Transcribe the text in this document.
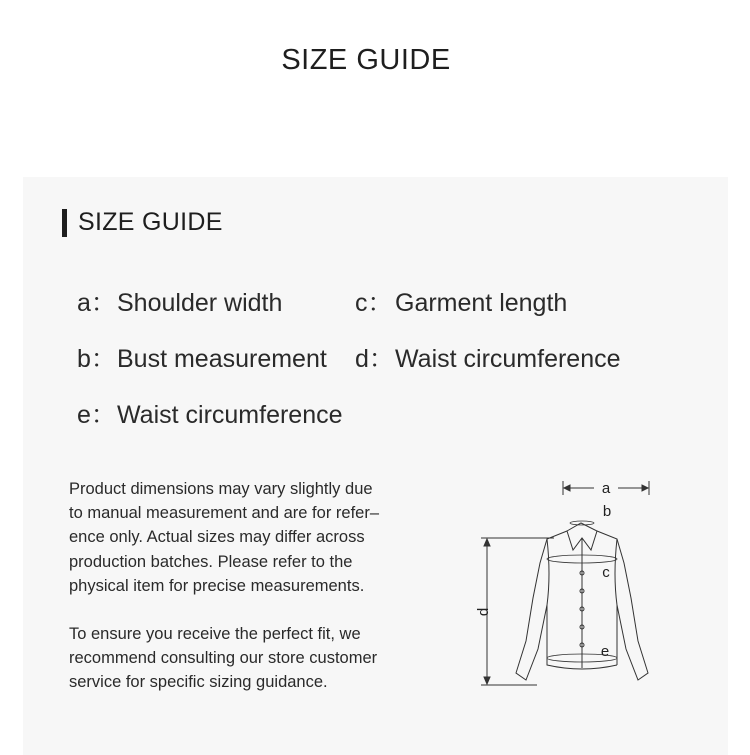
SIZE GUIDE
SIZE GUIDE
a：Shoulder width	c：Garment length
b：Bust measurement d：Waist circumference
e：Waist circumference

Product dimensions may vary slightly due

to manual measurement and are for refer–

ence only. Actual sizes may differ across

production batches. Please refer to the

physical item for precise measurements.

To ensure you receive the perfect fit, we

recommend consulting our store customer

service for specific sizing guidance.

a
b
c
d
e
